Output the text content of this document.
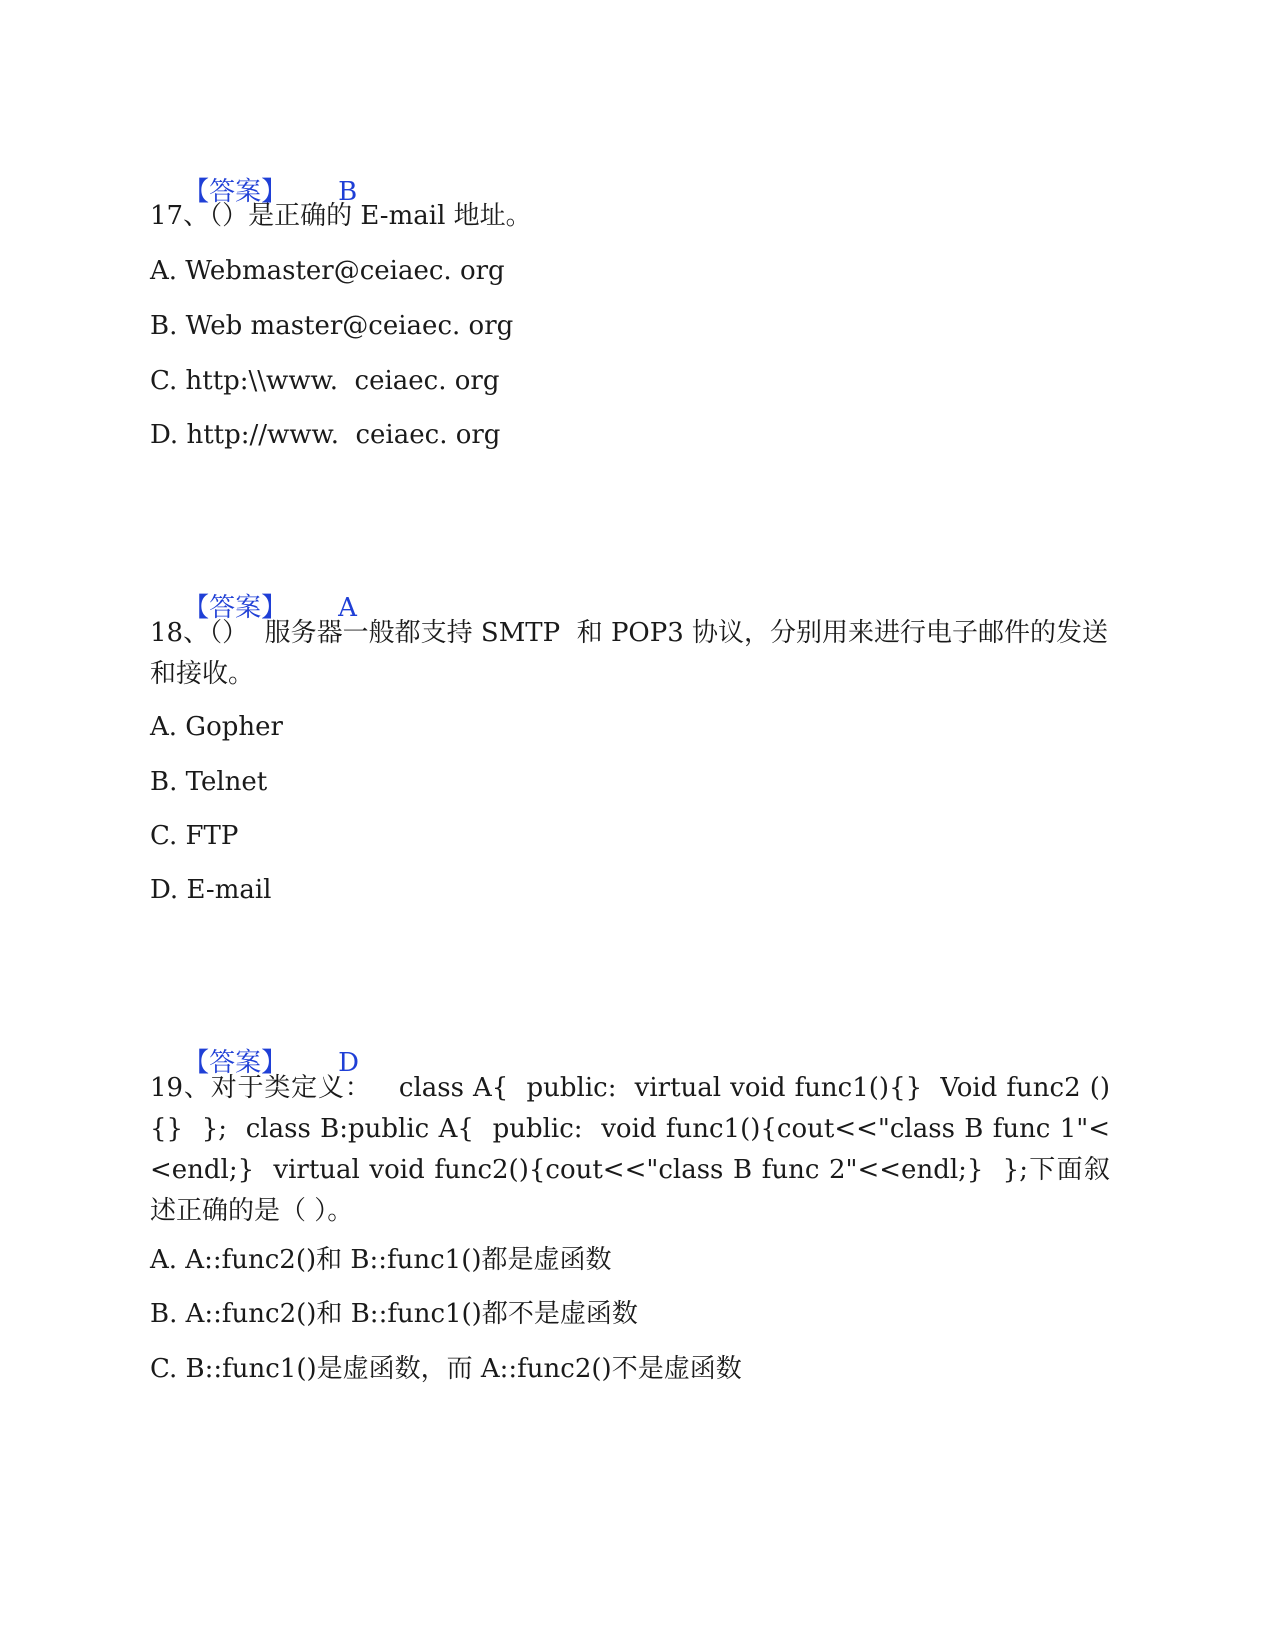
【答案】 B

17、（）是正确的 E-mail 地址。
A. Webmaster@ceiaec. org
B. Web master@ceiaec. org
C. http:\\www.  ceiaec. org
D. http://www.  ceiaec. org

【答案】 A

18、（）  服务器一般都支持 SMTP  和 POP3 协议，分别用来进行电子邮件的发送和接收。
A. Gopher
B. Telnet
C. FTP
D. E-mail

【答案】 D

19、对于类定义：   class A{  public:  virtual void func1(){}  Void func2 (){}  };  class B:public A{  public:  void func1(){cout<<"class B func 1"<<endl;}  virtual void func2(){cout<<"class B func 2"<<endl;}  };下面叙述正确的是（ ）。
A. A::func2()和 B::func1()都是虚函数
B. A::func2()和 B::func1()都不是虚函数
C. B::func1()是虚函数，而 A::func2()不是虚函数
